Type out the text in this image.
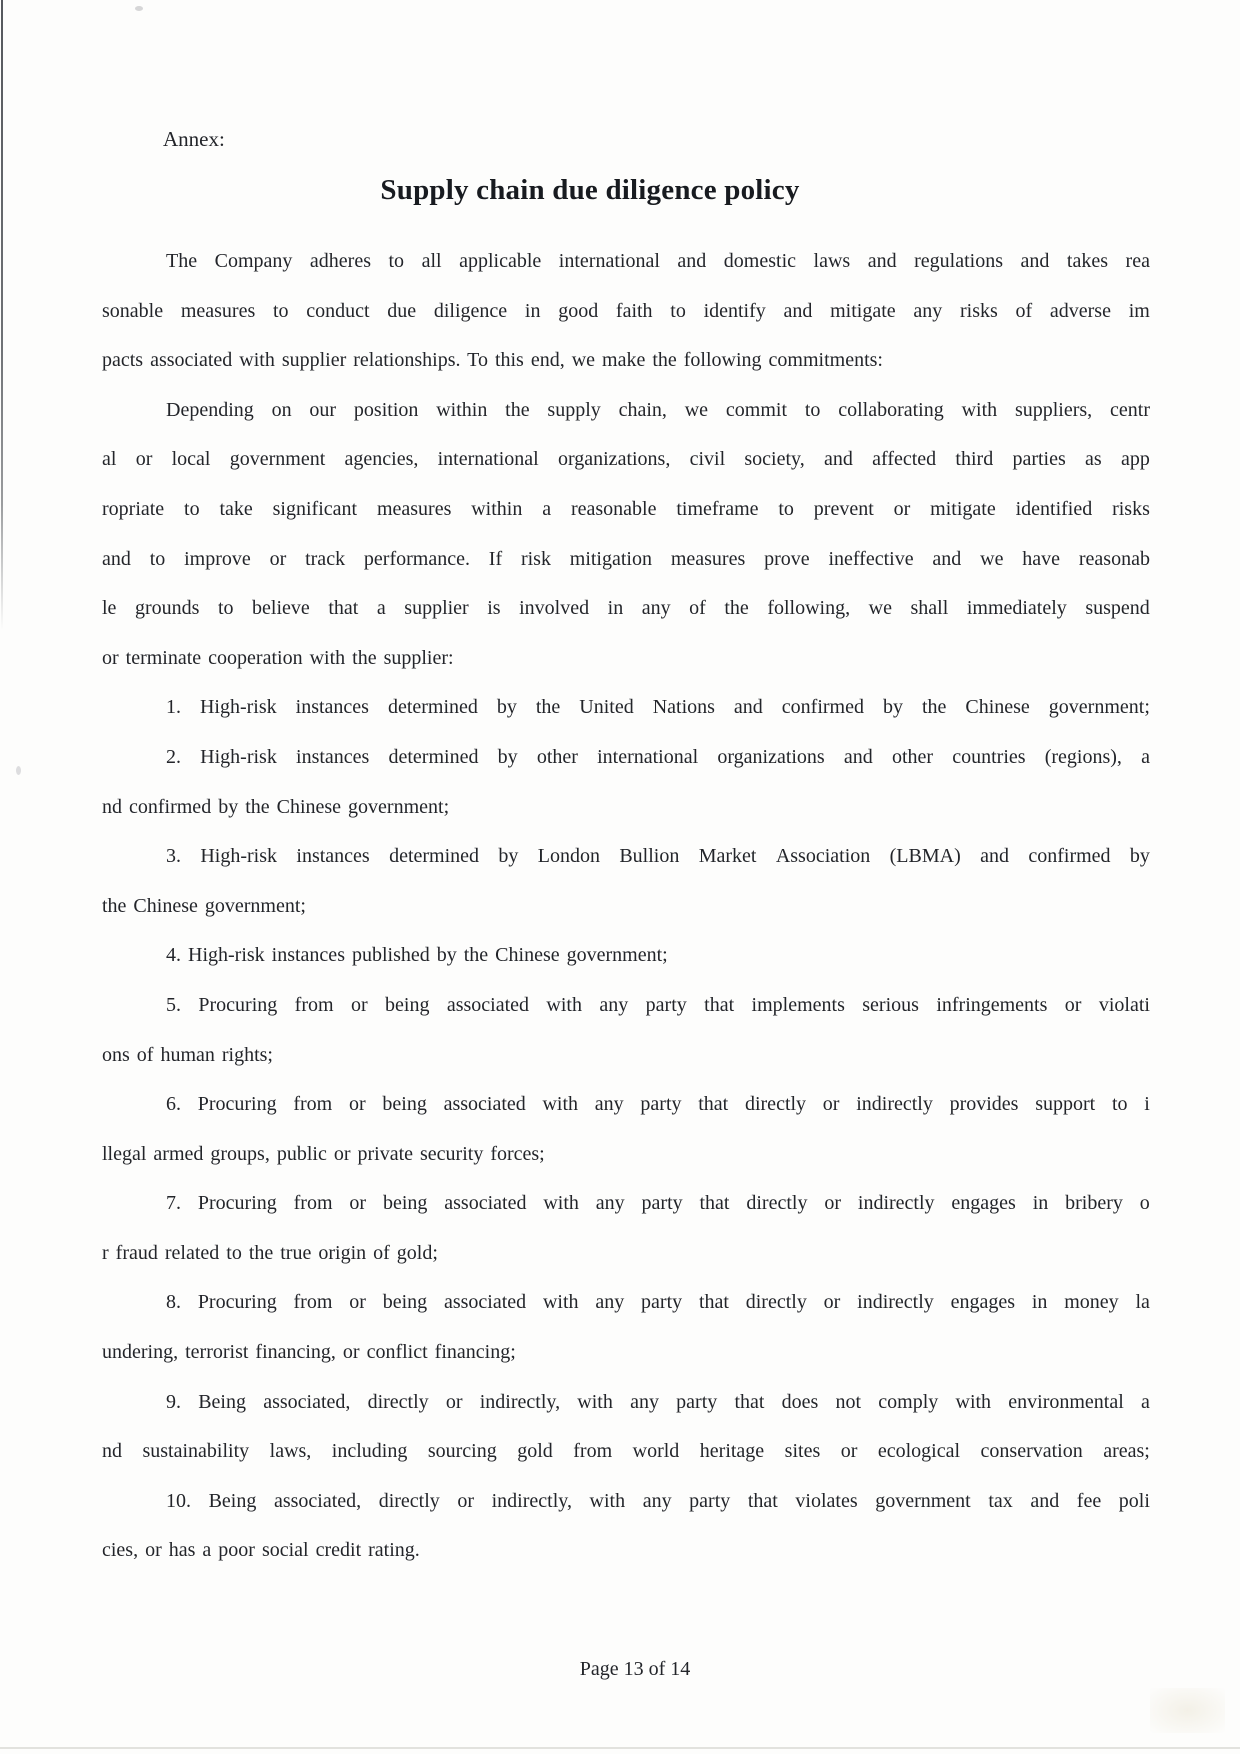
Annex:
Supply chain due diligence policy
The Company adheres to all applicable international and domestic laws and regulations and takes rea
sonable measures to conduct due diligence in good faith to identify and mitigate any risks of adverse im
pacts associated with supplier relationships. To this end, we make the following commitments:
Depending on our position within the supply chain, we commit to collaborating with suppliers, centr
al or local government agencies, international organizations, civil society, and affected third parties as app
ropriate to take significant measures within a reasonable timeframe to prevent or mitigate identified risks
and to improve or track performance. If risk mitigation measures prove ineffective and we have reasonab
le grounds to believe that a supplier is involved in any of the following, we shall immediately suspend
or terminate cooperation with the supplier:
1. High-risk instances determined by the United Nations and confirmed by the Chinese government;
2. High-risk instances determined by other international organizations and other countries (regions), a
nd confirmed by the Chinese government;
3. High-risk instances determined by London Bullion Market Association (LBMA) and confirmed by
the Chinese government;
4. High-risk instances published by the Chinese government;
5. Procuring from or being associated with any party that implements serious infringements or violati
ons of human rights;
6. Procuring from or being associated with any party that directly or indirectly provides support to i
llegal armed groups, public or private security forces;
7. Procuring from or being associated with any party that directly or indirectly engages in bribery o
r fraud related to the true origin of gold;
8. Procuring from or being associated with any party that directly or indirectly engages in money la
undering, terrorist financing, or conflict financing;
9. Being associated, directly or indirectly, with any party that does not comply with environmental a
nd sustainability laws, including sourcing gold from world heritage sites or ecological conservation areas;
10. Being associated, directly or indirectly, with any party that violates government tax and fee poli
cies, or has a poor social credit rating.
Page 13 of 14
